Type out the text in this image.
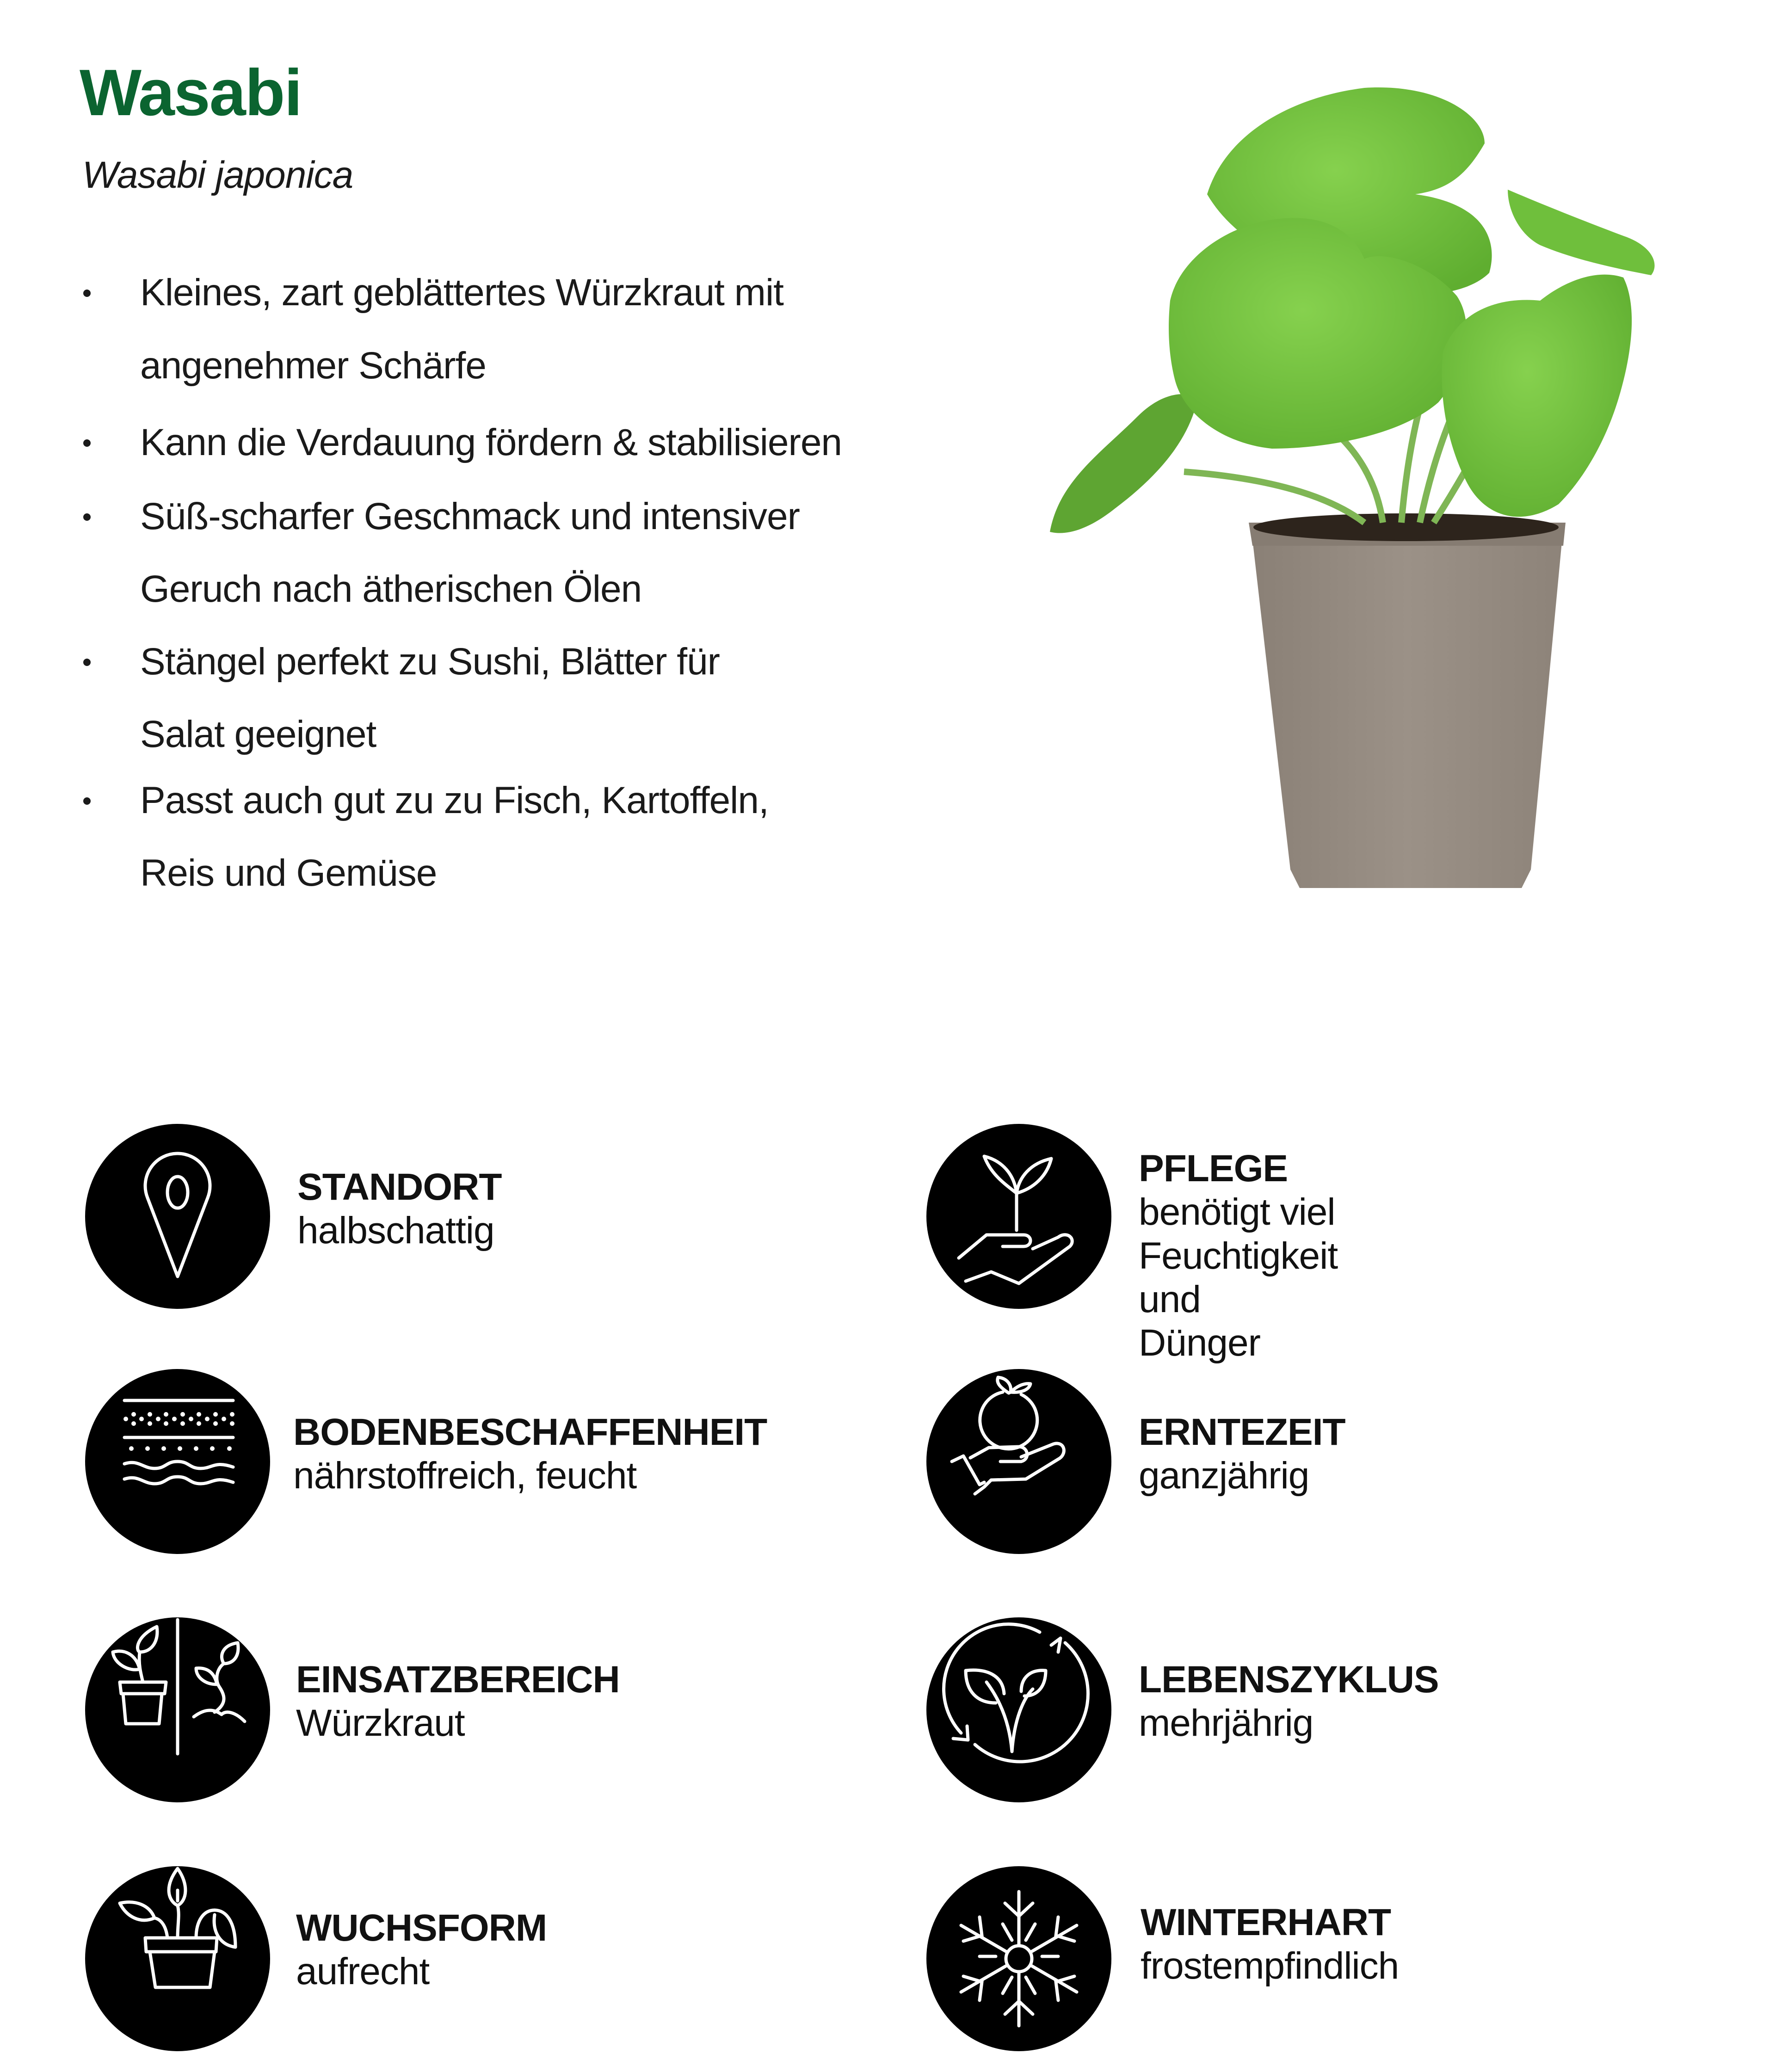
Wasabi
Wasabi japonica
Kleines, zart geblättertes Würzkraut mit
angenehmer Schärfe
Kann die Verdauung fördern & stabilisieren
Süß-scharfer Geschmack und intensiver
Geruch nach ätherischen Ölen
Stängel perfekt zu Sushi, Blätter für
Salat geeignet
Passt auch gut zu zu Fisch, Kartoffeln,
Reis und Gemüse
STANDORT
halbschattig
PFLEGE
benötigt viel Feuchtigkeit und
Dünger
BODENBESCHAFFENHEIT
nährstoffreich, feucht
ERNTEZEIT
ganzjährig
EINSATZBEREICH
Würzkraut
LEBENSZYKLUS
mehrjährig
WUCHSFORM
aufrecht
WINTERHART
frostempfindlich
